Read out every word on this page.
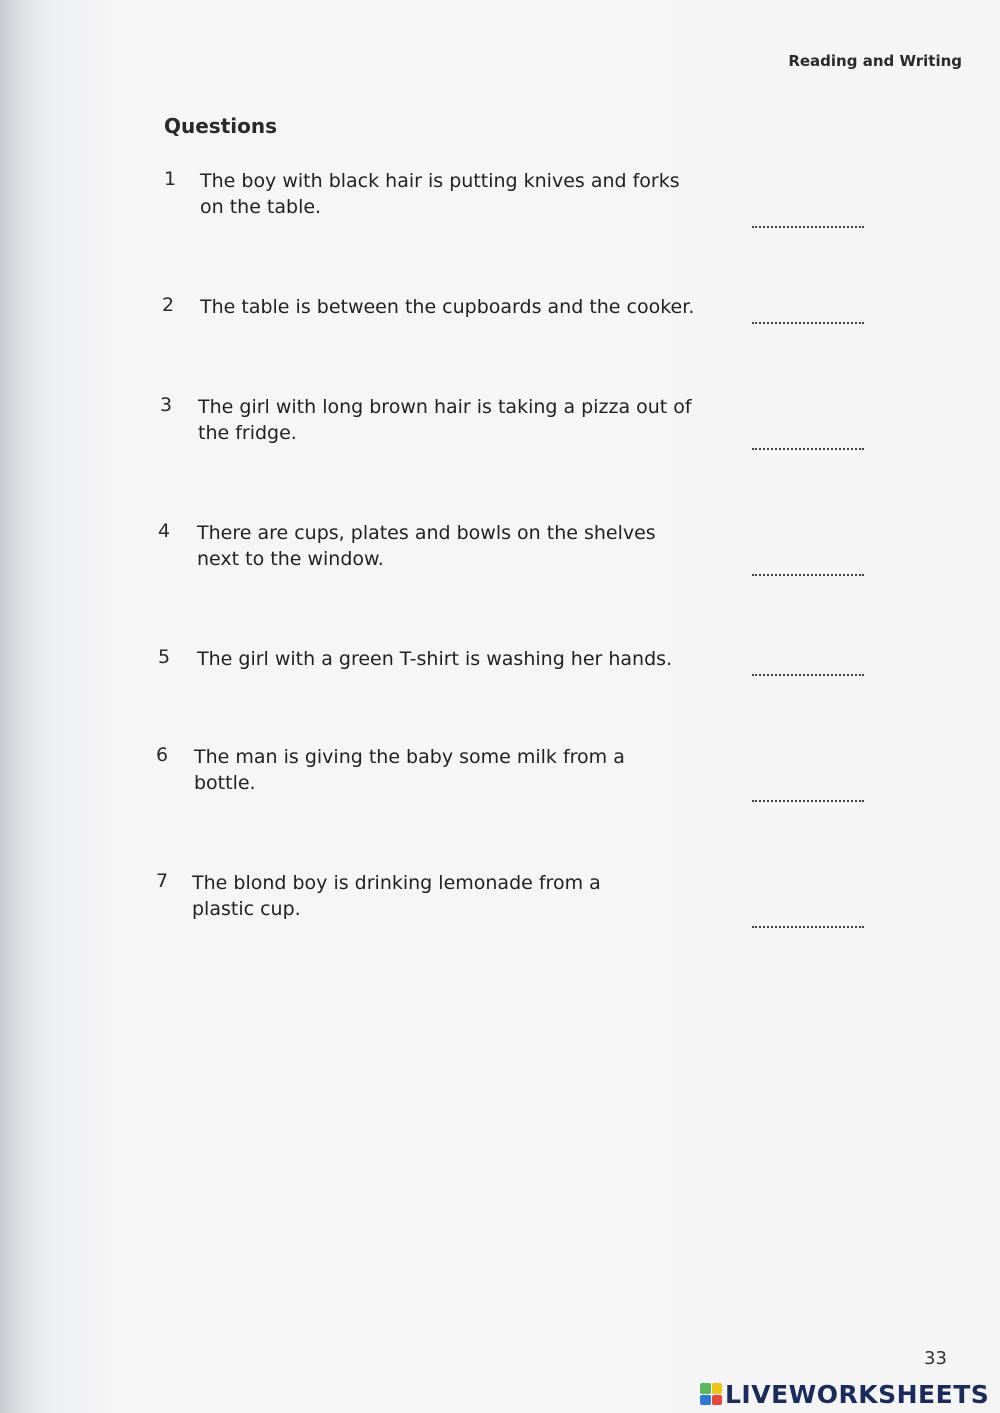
Reading and Writing
Questions
1 The boy with black hair is putting knives and forks on the table.
2 The table is between the cupboards and the cooker.
3 The girl with long brown hair is taking a pizza out of the fridge.
4 There are cups, plates and bowls on the shelves next to the window.
5 The girl with a green T-shirt is washing her hands.
6 The man is giving the baby some milk from a bottle.
7 The blond boy is drinking lemonade from a plastic cup.
33
LIVEWORKSHEETS
